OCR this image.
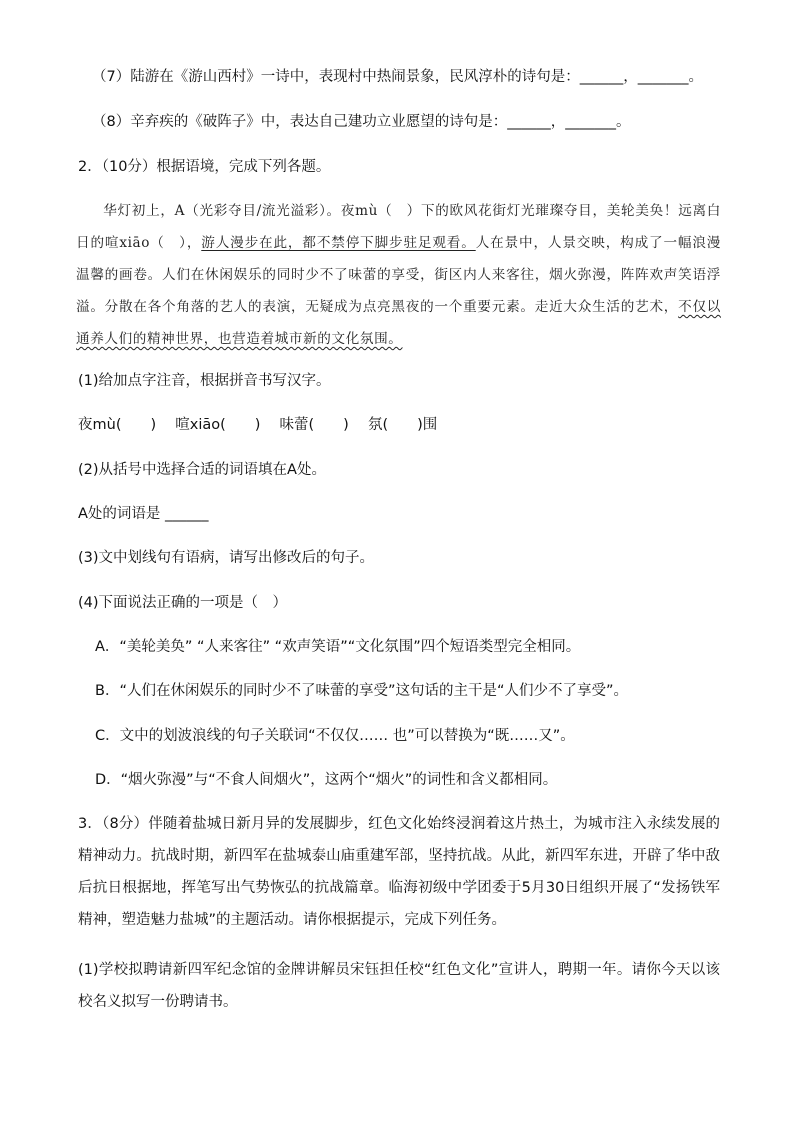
（7）陆游在《游山西村》一诗中，表现村中热闹景象，民风淳朴的诗句是：______，_______。
（8）辛弃疾的《破阵子》中，表达自己建功立业愿望的诗句是：______，_______。
2．（10分）根据语境，完成下列各题。

华灯初上，A（光彩夺目/流光溢彩）。夜mù（　）下的欧风花街灯光璀璨夺目，美轮美奂！远离白日的喧xiāo（　），游人漫步在此，都不禁停下脚步驻足观看。人在景中，人景交映，构成了一幅浪漫温馨的画卷。人们在休闲娱乐的同时少不了味蕾的享受，街区内人来客往，烟火弥漫，阵阵欢声笑语浮溢。分散在各个角落的艺人的表演，无疑成为点亮黑夜的一个重要元素。走近大众生活的艺术，不仅以通养人们的精神世界，也营造着城市新的文化氛围。

(1)给加点字注音，根据拼音书写汉字。
夜mù(　　)　 喧xiāo(　　)　 味蕾(　　)　 氛(　　)围
(2)从括号中选择合适的词语填在A处。
A处的词语是 ______
(3)文中划线句有语病，请写出修改后的句子。
(4)下面说法正确的一项是（　）
A．“美轮美奂” “人来客往” “欢声笑语”“文化氛围”四个短语类型完全相同。
B．“人们在休闲娱乐的同时少不了味蕾的享受”这句话的主干是“人们少不了享受”。
C．文中的划波浪线的句子关联词“不仅仅…… 也”可以替换为“既……又”。
D．“烟火弥漫”与“不食人间烟火”，这两个“烟火”的词性和含义都相同。
3．（8分）伴随着盐城日新月异的发展脚步，红色文化始终浸润着这片热土，为城市注入永续发展的精神动力。抗战时期，新四军在盐城泰山庙重建军部，坚持抗战。从此，新四军东进，开辟了华中敌后抗日根据地，挥笔写出气势恢弘的抗战篇章。临海初级中学团委于5月30日组织开展了“发扬铁军精神，塑造魅力盐城”的主题活动。请你根据提示，完成下列任务。
(1)学校拟聘请新四军纪念馆的金牌讲解员宋钰担任校“红色文化”宣讲人，聘期一年。请你今天以该校名义拟写一份聘请书。
